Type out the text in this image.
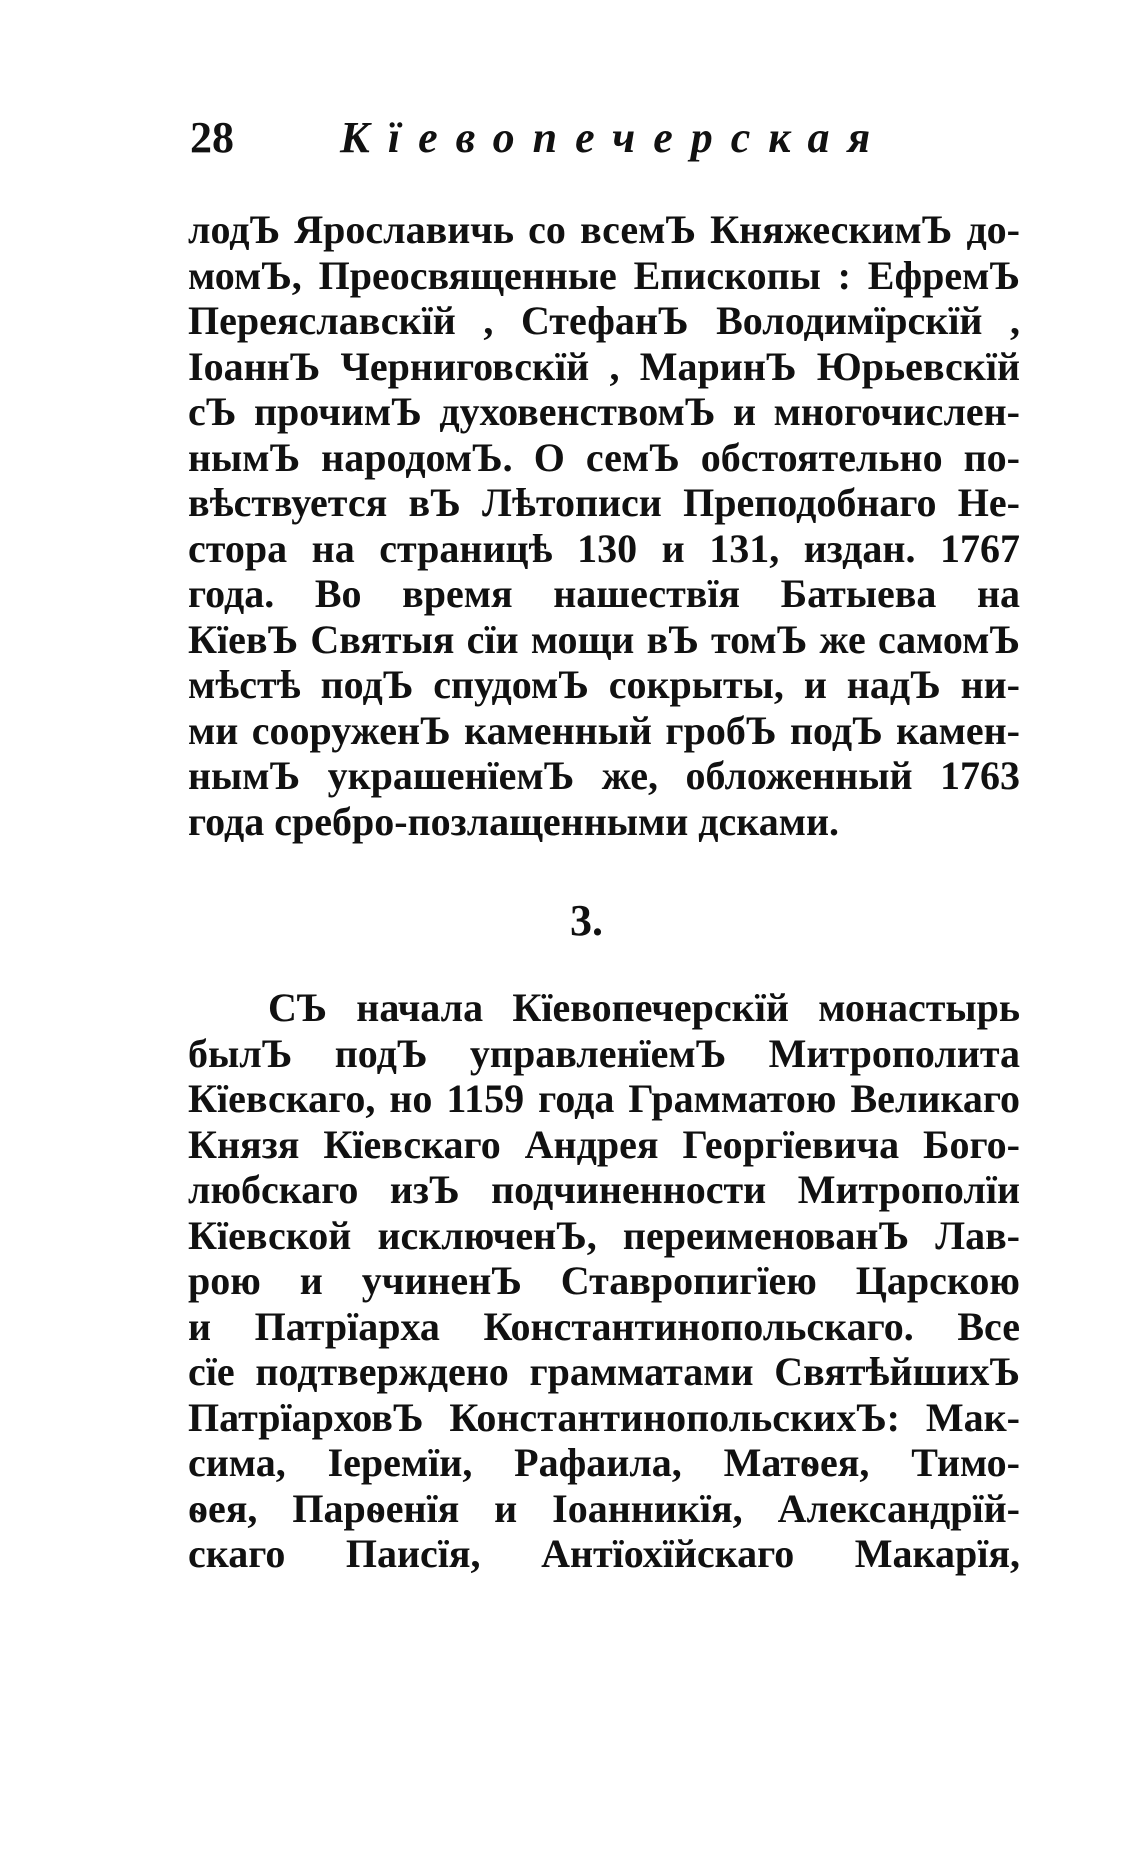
28 Кїевопечерская
лодЪ Ярославичь со всемЪ КняжескимЪ до-
момЪ, Преосвященные Епископы : ЕфремЪ
Переяславскїй , СтефанЪ Володимїрскїй ,
ІоаннЪ Черниговскїй , МаринЪ Юрьевскїй
сЪ прочимЪ духовенствомЪ и многочислен-
нымЪ народомЪ. О семЪ обстоятельно по-
вѣствуется вЪ Лѣтописи Преподобнаго Не-
стора на страницѣ 130 и 131, издан. 1767
года. Во время нашествїя Батыева на
КїевЪ Святыя сїи мощи вЪ томЪ же самомЪ
мѣстѣ подЪ спудомЪ сокрыты, и надЪ ни-
ми сооруженЪ каменный гробЪ подЪ камен-
нымЪ украшенїемЪ же, обложенный 1763
года сребро-позлащенными дсками.
3.
СЪ начала Кїевопечерскїй монастырь
былЪ подЪ управленїемЪ Митрополита
Кїевскаго, но 1159 года Грамматою Великаго
Князя Кїевскаго Андрея Георгїевича Бого-
любскаго изЪ подчиненности Митрополїи
Кїевской исключенЪ, переименованЪ Лав-
рою и учиненЪ Ставропигїею Царскою
и Патрїарха Константинопольскаго. Все
сїе подтверждено грамматами СвятѣйшихЪ
ПатрїарховЪ КонстантинопольскихЪ: Мак-
сима, Іеремїи, Рафаила, Матѳея, Тимо-
ѳея, Парѳенїя и Іоанникїя, Александрїй-
скаго Паисїя, Антїохїйскаго Макарїя,
